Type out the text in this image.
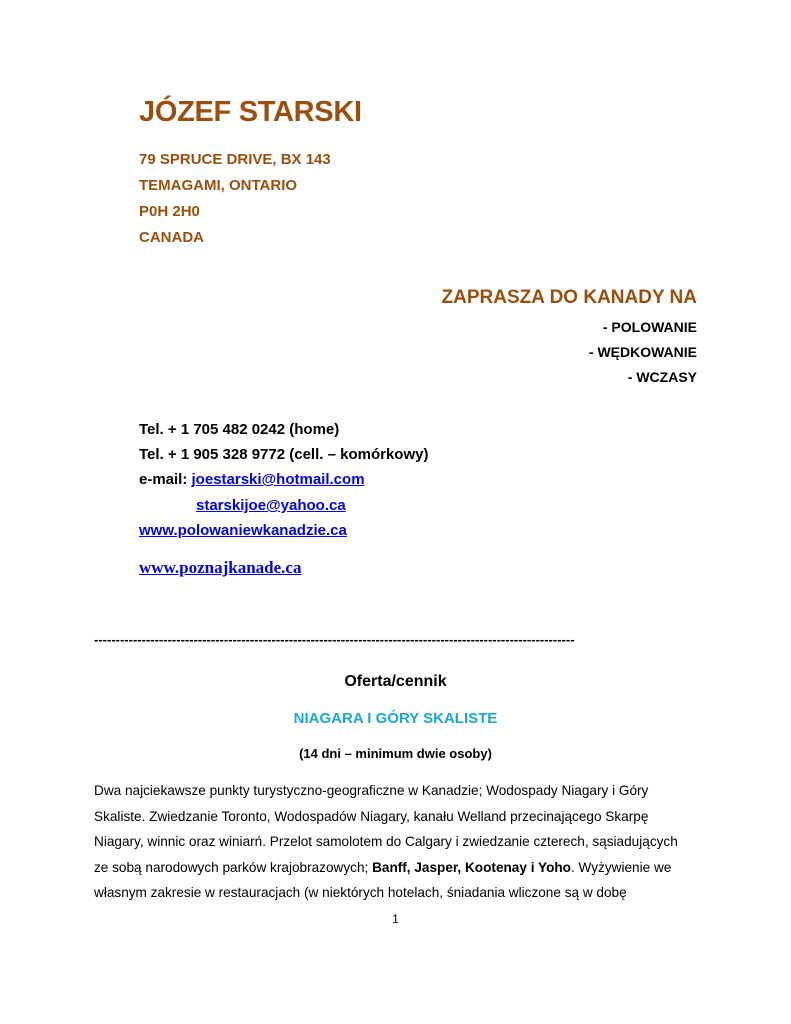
JÓZEF STARSKI
79 SPRUCE DRIVE, BX 143
TEMAGAMI, ONTARIO
P0H 2H0
CANADA
ZAPRASZA DO KANADY NA
- POLOWANIE
- WĘDKOWANIE
- WCZASY
Tel. + 1 705 482 0242 (home)
Tel. + 1 905 328 9772 (cell. – komórkowy)
e-mail: joestarski@hotmail.com
starskijoe@yahoo.ca
www.polowaniewkanadzie.ca
www.poznajkanade.ca
---------------------------------------------------------------------------------------------------------------
Oferta/cennik
NIAGARA I GÓRY SKALISTE
(14 dni – minimum dwie osoby)
Dwa najciekawsze punkty turystyczno-geograficzne w Kanadzie; Wodospady Niagary i Góry
Skaliste. Zwiedzanie Toronto, Wodospadów Niagary, kanału Welland przecinającego Skarpę
Niagary, winnic oraz winiarń. Przelot samolotem do Calgary i zwiedzanie czterech, sąsiadujących
ze sobą narodowych parków krajobrazowych; Banff, Jasper, Kootenay i Yoho. Wyżywienie we
własnym zakresie w restauracjach (w niektórych hotelach, śniadania wliczone są w dobę
1
